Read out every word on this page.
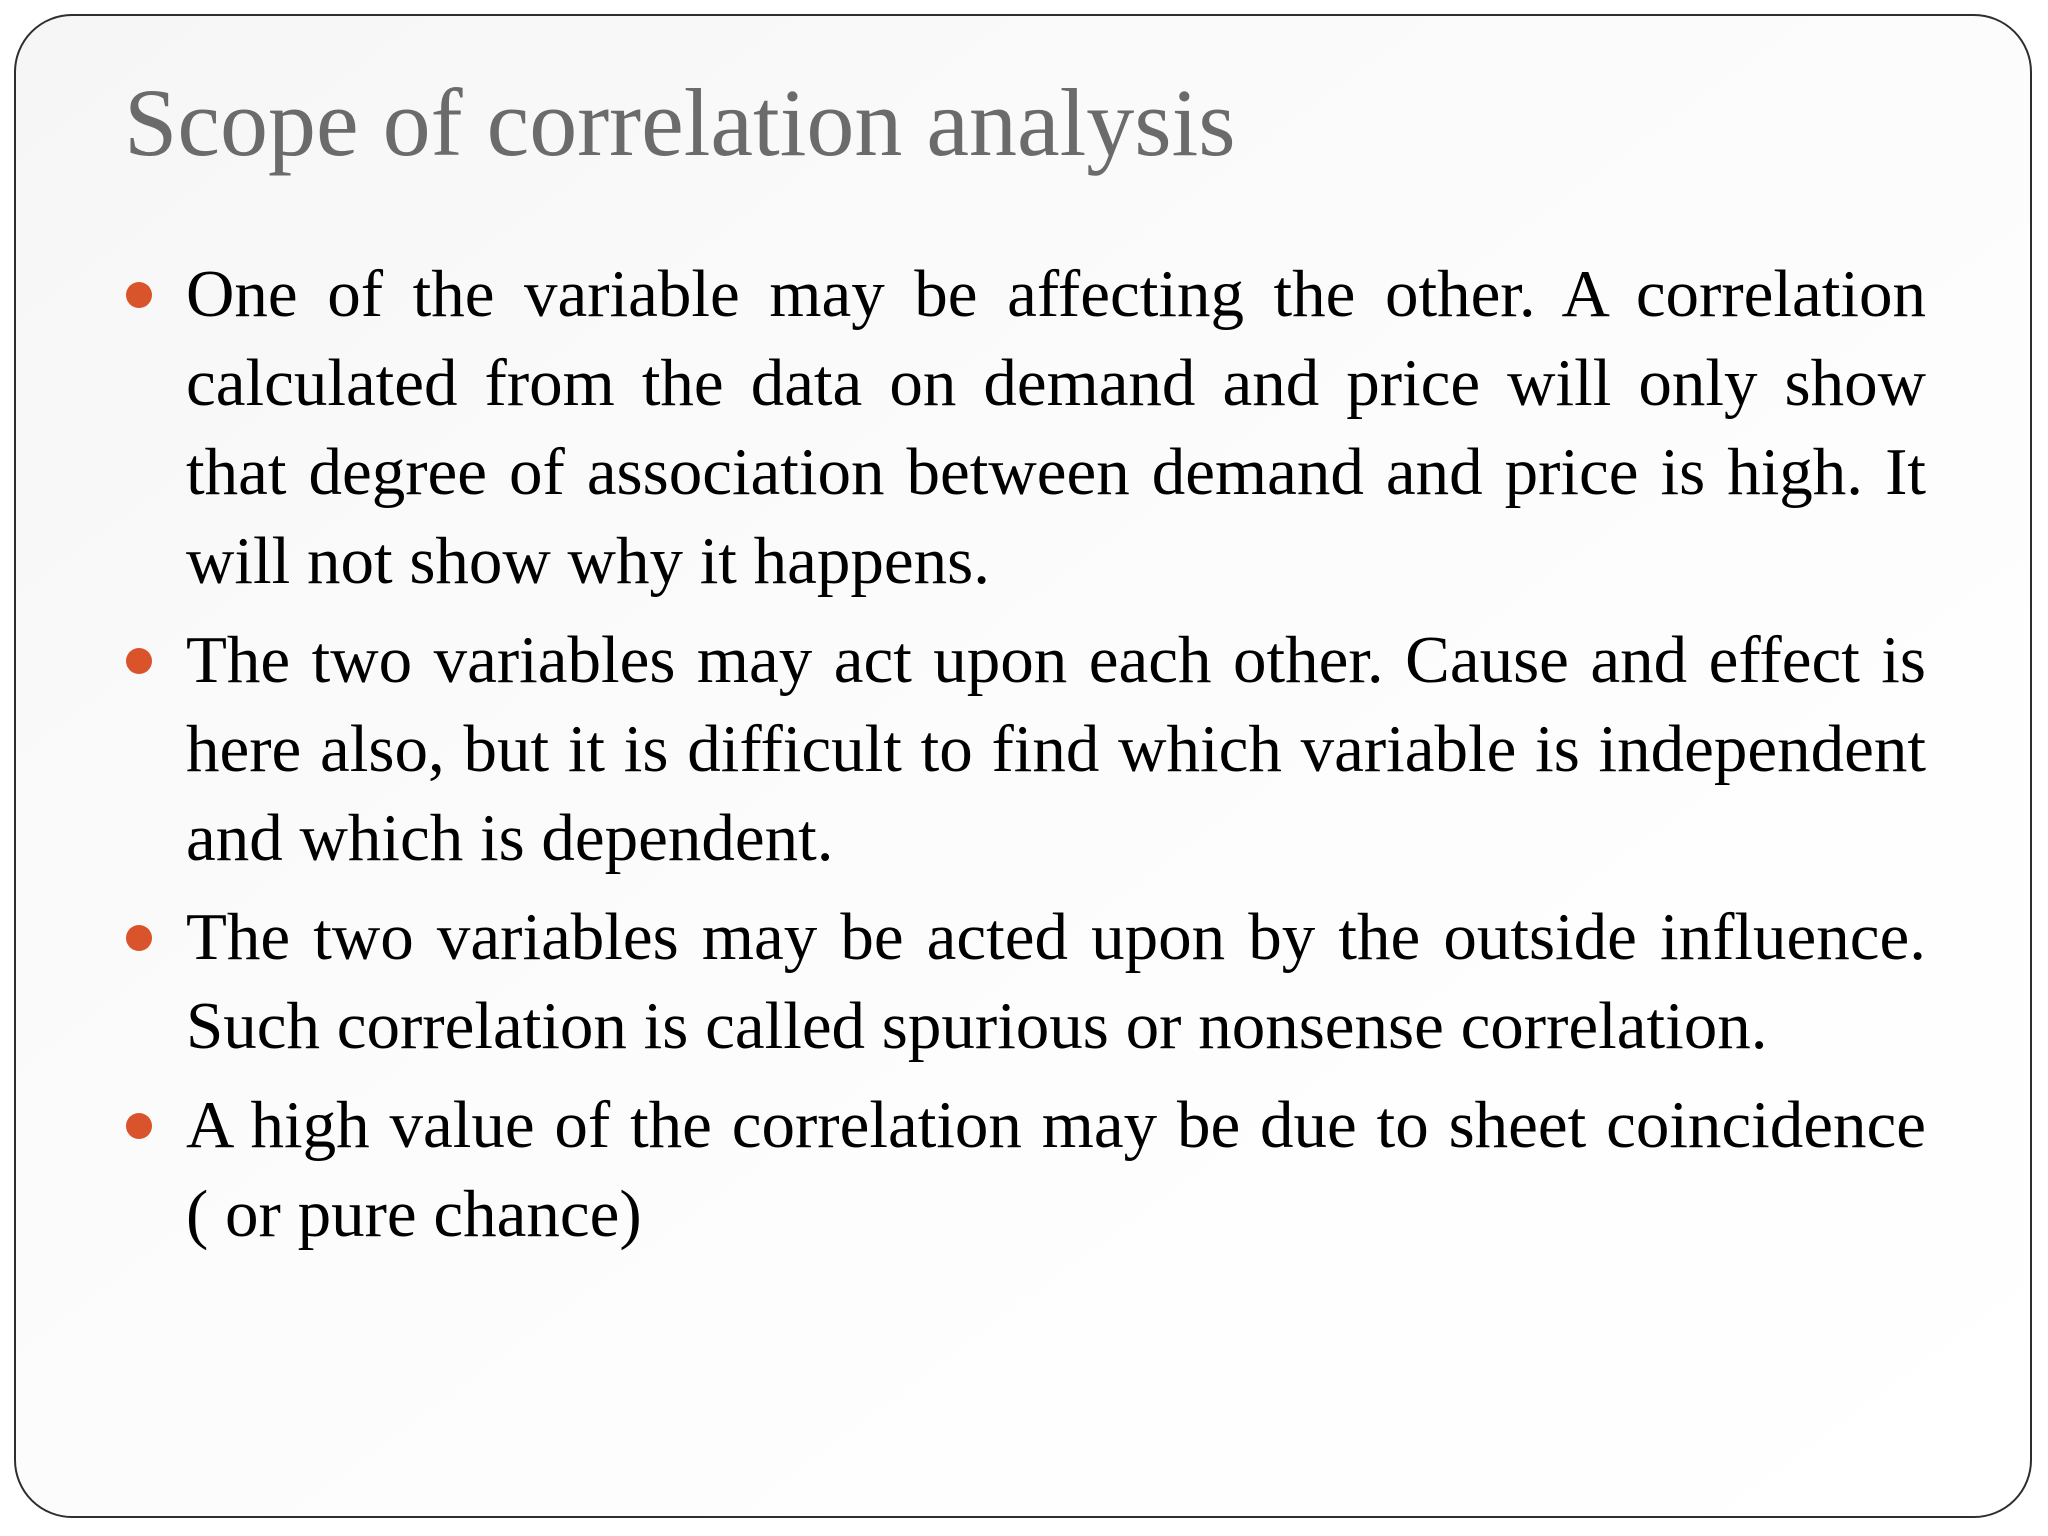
Scope of correlation analysis
One of the variable may be affecting the other. A correlation calculated from the data on demand and price will only show that degree of association between demand and price is high. It will not show why it happens.
The two variables may act upon each other. Cause and effect is here also, but it is difficult to find which variable is independent and which is dependent.
The two variables may be acted upon by the outside influence. Such correlation is called spurious or nonsense correlation.
A high value of the correlation may be due to sheet coincidence ( or pure chance)
